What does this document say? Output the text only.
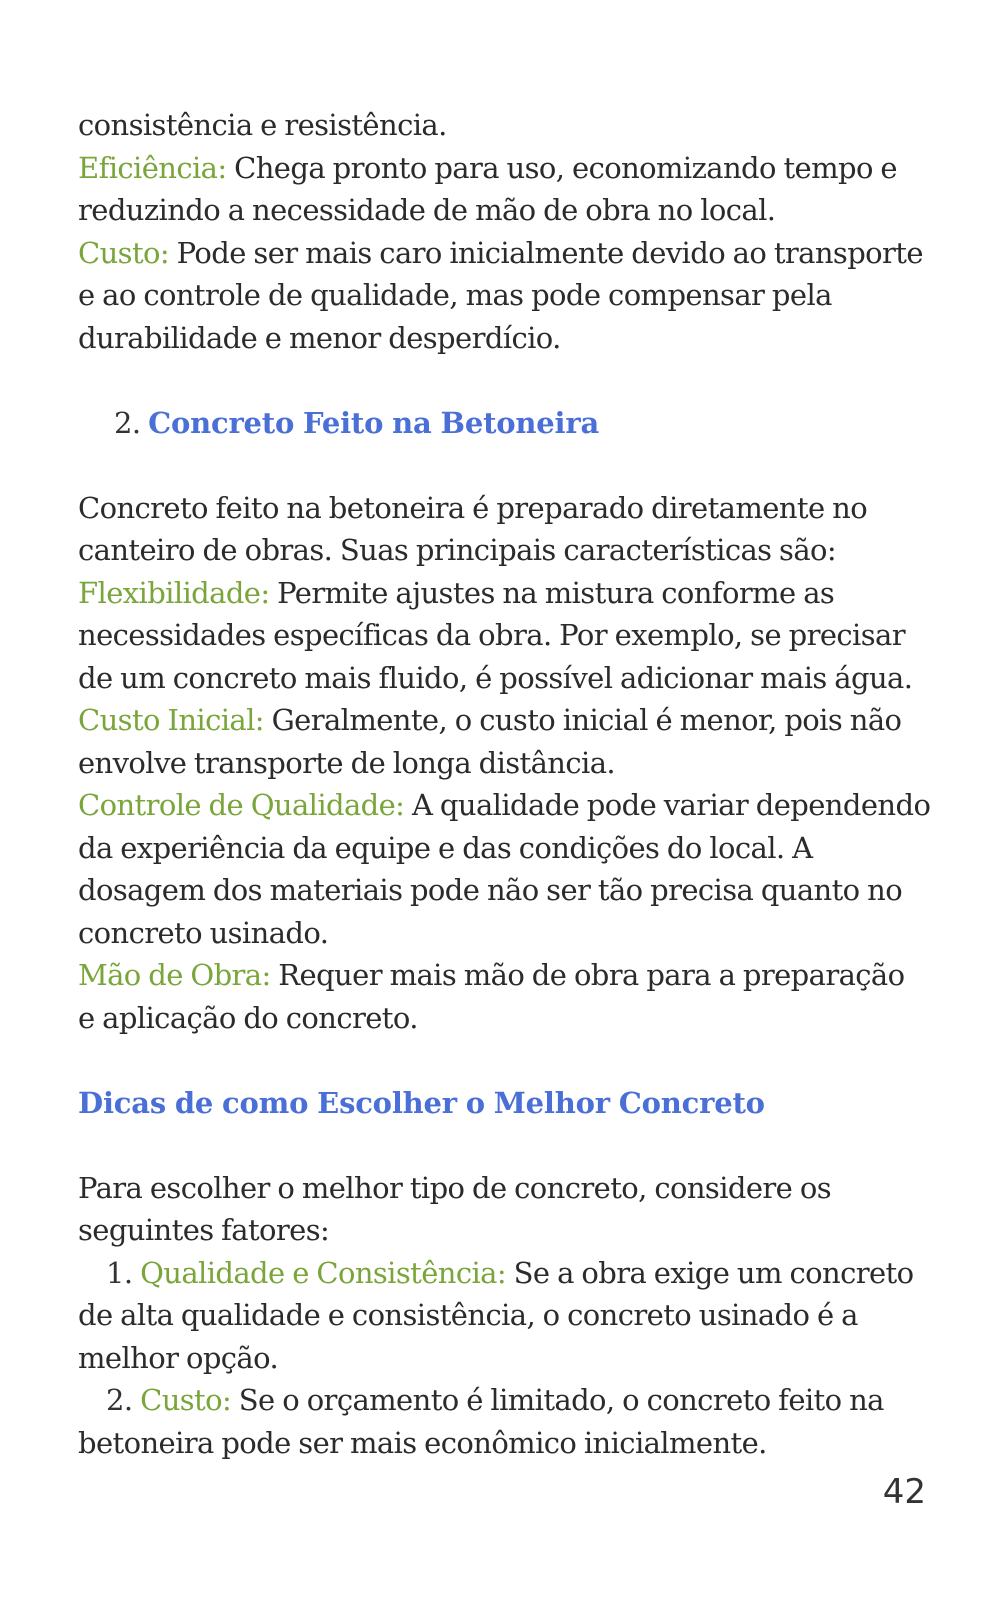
consistência e resistência.
Eficiência: Chega pronto para uso, economizando tempo e
reduzindo a necessidade de mão de obra no local.
Custo: Pode ser mais caro inicialmente devido ao transporte
e ao controle de qualidade, mas pode compensar pela
durabilidade e menor desperdício.
2. Concreto Feito na Betoneira
Concreto feito na betoneira é preparado diretamente no
canteiro de obras. Suas principais características são:
Flexibilidade: Permite ajustes na mistura conforme as
necessidades específicas da obra. Por exemplo, se precisar
de um concreto mais fluido, é possível adicionar mais água.
Custo Inicial: Geralmente, o custo inicial é menor, pois não
envolve transporte de longa distância.
Controle de Qualidade: A qualidade pode variar dependendo
da experiência da equipe e das condições do local. A
dosagem dos materiais pode não ser tão precisa quanto no
concreto usinado.
Mão de Obra: Requer mais mão de obra para a preparação
e aplicação do concreto.
Dicas de como Escolher o Melhor Concreto
Para escolher o melhor tipo de concreto, considere os
seguintes fatores:
1. Qualidade e Consistência: Se a obra exige um concreto
de alta qualidade e consistência, o concreto usinado é a
melhor opção.
2. Custo: Se o orçamento é limitado, o concreto feito na
betoneira pode ser mais econômico inicialmente.
42
